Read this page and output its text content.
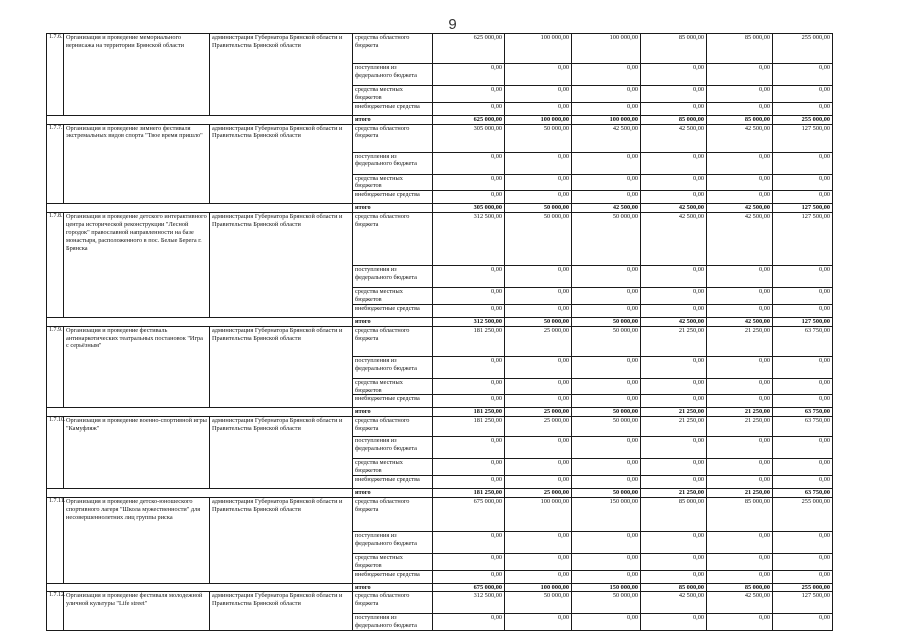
9
1.7.6.	Организация и проведение мемориального вернисажа на территории Брянской области	администрация Губернатора Брянской области и Правительства Брянской области	средства областного бюджета	625 000,00	100 000,00	100 000,00	85 000,00	85 000,00	255 000,00
			поступления из федерального бюджета	0,00	0,00	0,00	0,00	0,00	0,00
			средства местных бюджетов	0,00	0,00	0,00	0,00	0,00	0,00
			внебюджетные средства	0,00	0,00	0,00	0,00	0,00	0,00
			итого	625 000,00	100 000,00	100 000,00	85 000,00	85 000,00	255 000,00
1.7.7.	Организация и проведение зимнего фестиваля экстремальных видов спорта "Твое время пришло"	администрация Губернатора Брянской области и Правительства Брянской области	средства областного бюджета	305 000,00	50 000,00	42 500,00	42 500,00	42 500,00	127 500,00
			поступления из федерального бюджета	0,00	0,00	0,00	0,00	0,00	0,00
			средства местных бюджетов	0,00	0,00	0,00	0,00	0,00	0,00
			внебюджетные средства	0,00	0,00	0,00	0,00	0,00	0,00
			итого	305 000,00	50 000,00	42 500,00	42 500,00	42 500,00	127 500,00
1.7.8.	Организация и проведение детского интерактивного центра исторической реконструкции "Лесной городок" православной направленности на базе монастыря, расположенного в пос. Белые Берега г. Брянска	администрация Губернатора Брянской области и Правительства Брянской области	средства областного бюджета	312 500,00	50 000,00	50 000,00	42 500,00	42 500,00	127 500,00
			поступления из федерального бюджета	0,00	0,00	0,00	0,00	0,00	0,00
			средства местных бюджетов	0,00	0,00	0,00	0,00	0,00	0,00
			внебюджетные средства	0,00	0,00	0,00	0,00	0,00	0,00
			итого	312 500,00	50 000,00	50 000,00	42 500,00	42 500,00	127 500,00
1.7.9.	Организация и проведение фестиваль антинаркотических театральных постановок "Игра с серьёзным"	администрация Губернатора Брянской области и Правительства Брянской области	средства областного бюджета	181 250,00	25 000,00	50 000,00	21 250,00	21 250,00	63 750,00
			поступления из федерального бюджета	0,00	0,00	0,00	0,00	0,00	0,00
			средства местных бюджетов	0,00	0,00	0,00	0,00	0,00	0,00
			внебюджетные средства	0,00	0,00	0,00	0,00	0,00	0,00
			итого	181 250,00	25 000,00	50 000,00	21 250,00	21 250,00	63 750,00
1.7.10.	Организация и проведение военно-спортивной игры "Камуфляж"	администрация Губернатора Брянской области и Правительства Брянской области	средства областного бюджета	181 250,00	25 000,00	50 000,00	21 250,00	21 250,00	63 750,00
			поступления из федерального бюджета	0,00	0,00	0,00	0,00	0,00	0,00
			средства местных бюджетов	0,00	0,00	0,00	0,00	0,00	0,00
			внебюджетные средства	0,00	0,00	0,00	0,00	0,00	0,00
			итого	181 250,00	25 000,00	50 000,00	21 250,00	21 250,00	63 750,00
1.7.11.	Организация и проведение детско-юношеского спортивного лагеря "Школа мужественности" для несовершеннолетних лиц группы риска	администрация Губернатора Брянской области и Правительства Брянской области	средства областного бюджета	675 000,00	100 000,00	150 000,00	85 000,00	85 000,00	255 000,00
			поступления из федерального бюджета	0,00	0,00	0,00	0,00	0,00	0,00
			средства местных бюджетов	0,00	0,00	0,00	0,00	0,00	0,00
			внебюджетные средства	0,00	0,00	0,00	0,00	0,00	0,00
			итого	675 000,00	100 000,00	150 000,00	85 000,00	85 000,00	255 000,00
1.7.12.	Организация и проведение фестиваля молодежной уличной культуры "Life street"	администрация Губернатора Брянской области и Правительства Брянской области	средства областного бюджета	312 500,00	50 000,00	50 000,00	42 500,00	42 500,00	127 500,00
			поступления из федерального бюджета	0,00	0,00	0,00	0,00	0,00	0,00
